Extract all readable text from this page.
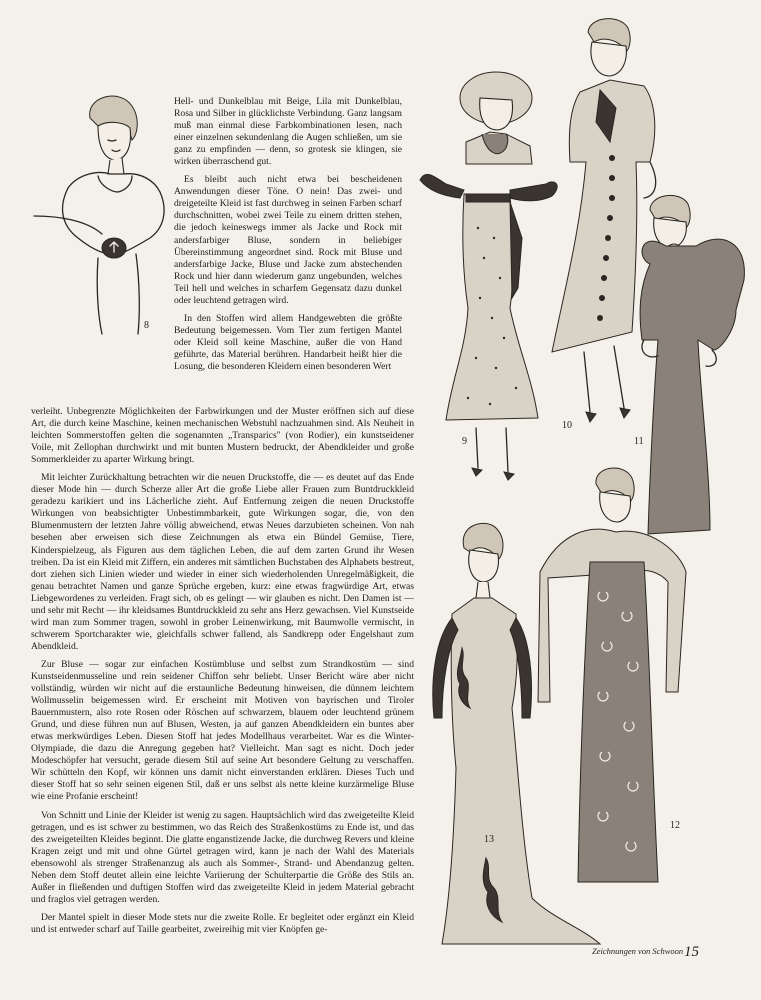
Hell- und Dunkelblau mit Beige, Lila mit Dunkelblau, Rosa und Silber in glücklichste Verbindung. Ganz langsam muß man einmal diese Farbkombinationen lesen, nach einer einzelnen sekundenlang die Augen schließen, um sie ganz zu empfinden — denn, so grotesk sie klingen, sie wirken überraschend gut.

Es bleibt auch nicht etwa bei bescheidenen Anwendungen dieser Töne. O nein! Das zwei- und dreigeteilte Kleid ist fast durchweg in seinen Farben scharf durchschnitten, wobei zwei Teile zu einem dritten stehen, die jedoch keineswegs immer als Jacke und Rock mit andersfarbiger Bluse, sondern in beliebiger Übereinstimmung angeordnet sind. Rock mit Bluse und andersfarbige Jacke, Bluse und Jacke zum abstechenden Rock und hier dann wiederum ganz ungebunden, welches Teil hell und welches in scharfem Gegensatz dazu dunkel oder leuchtend getragen wird.

In den Stoffen wird allem Handgewebten die größte Bedeutung beigemessen. Vom Tier zum fertigen Mantel oder Kleid soll keine Maschine, außer die von Hand geführte, das Material berühren. Handarbeit heißt hier die Losung, die besonderen Kleidern einen besonderen Wert

verleiht. Unbegrenzte Möglichkeiten der Farbwirkungen und der Muster eröffnen sich auf diese Art, die durch keine Maschine, keinen mechanischen Webstuhl nachzuahmen sind. Als Neuheit in leichten Sommerstoffen gelten die sogenannten „Transparics" (von Rodier), ein kunstseidener Voile, mit Zellophan durchwirkt und mit bunten Mustern bedruckt, der Abendkleider und große Sommerkleider zu aparter Wirkung bringt.

Mit leichter Zurückhaltung betrachten wir die neuen Druckstoffe, die — es deutet auf das Ende dieser Mode hin — durch Scherze aller Art die große Liebe aller Frauen zum Buntdruckkleid geradezu karikiert und ins Lächerliche zieht. Auf Entfernung zeigen die neuen Druckstoffe Wirkungen von beabsichtigter Unbestimmbarkeit, gute Wirkungen sogar, die, von den Blumenmustern der letzten Jahre völlig abweichend, etwas Neues darzubieten scheinen. Von nah besehen aber erweisen sich diese Zeichnungen als etwa ein Bündel Gemüse, Tiere, Kinderspielzeug, als Figuren aus dem täglichen Leben, die auf dem zarten Grund ihr Wesen treiben. Da ist ein Kleid mit Ziffern, ein anderes mit sämtlichen Buchstaben des Alphabets bestreut, dort ziehen sich Linien wieder und wieder in einer sich wiederholenden Unregelmäßigkeit, die genau betrachtet Namen und ganze Sprüche ergeben, kurz: eine etwas fragwürdige Art, etwas Liebgewordenes zu verleiden. Fragt sich, ob es gelingt — wir glauben es nicht. Den Damen ist — und sehr mit Recht — ihr kleidsames Buntdruckkleid zu sehr ans Herz gewachsen. Viel Kunstseide wird man zum Sommer tragen, sowohl in grober Leinenwirkung, mit Baumwolle vermischt, in schwerem Sportcharakter wie, gleichfalls schwer fallend, als Sandkrepp oder Engelshaut zum Abendkleid.

Zur Bluse — sogar zur einfachen Kostümbluse und selbst zum Strandkostüm — sind Kunstseidenmusseline und rein seidener Chiffon sehr beliebt. Unser Bericht wäre aber nicht vollständig, würden wir nicht auf die erstaunliche Bedeutung hinweisen, die dünnem leichtem Wollmusselin beigemessen wird. Er erscheint mit Motiven von bayrischen und Tiroler Bauernmustern, also rote Rosen oder Röschen auf schwarzem, blauem oder leuchtend grünem Grund, und diese führen nun auf Blusen, Westen, ja auf ganzen Abendkleidern ein buntes aber etwas merkwürdiges Leben. Diesen Stoff hat jedes Modellhaus verarbeitet. War es die Winter-Olympiade, die dazu die Anregung gegeben hat? Vielleicht. Man sagt es nicht. Doch jeder Modeschöpfer hat versucht, gerade diesem Stil auf seine Art besondere Geltung zu verschaffen. Wir schütteln den Kopf, wir können uns damit nicht einverstanden erklären. Dieses Tuch und dieser Stoff hat so sehr seinen eigenen Stil, daß er uns selbst als nette kleine kurzärmelige Bluse wie eine Profanie erscheint!

Von Schnitt und Linie der Kleider ist wenig zu sagen. Hauptsächlich wird das zweigeteilte Kleid getragen, und es ist schwer zu bestimmen, wo das Reich des Straßenkostüms zu Ende ist, und das des zweigeteilten Kleides beginnt. Die glatte enganstizende Jacke, die durchweg Revers und kleine Kragen zeigt und mit und ohne Gürtel getragen wird, kann je nach der Wahl des Materials ebensowohl als strenger Straßenanzug als auch als Sommer-, Strand- und Abendanzug gelten. Neben dem Stoff deutet allein eine leichte Variierung der Schulterpartie die Größe des Stils an. Außer in fließenden und duftigen Stoffen wird das zweigeteilte Kleid in jedem Material gebracht und fraglos viel getragen werden.

Der Mantel spielt in dieser Mode stets nur die zweite Rolle. Er begleitet oder ergänzt ein Kleid und ist entweder scharf auf Taille gearbeitet, zweireihig mit vier Knöpfen ge-

8
9
10
11
13
12
Zeichnungen von Schwoon 15
